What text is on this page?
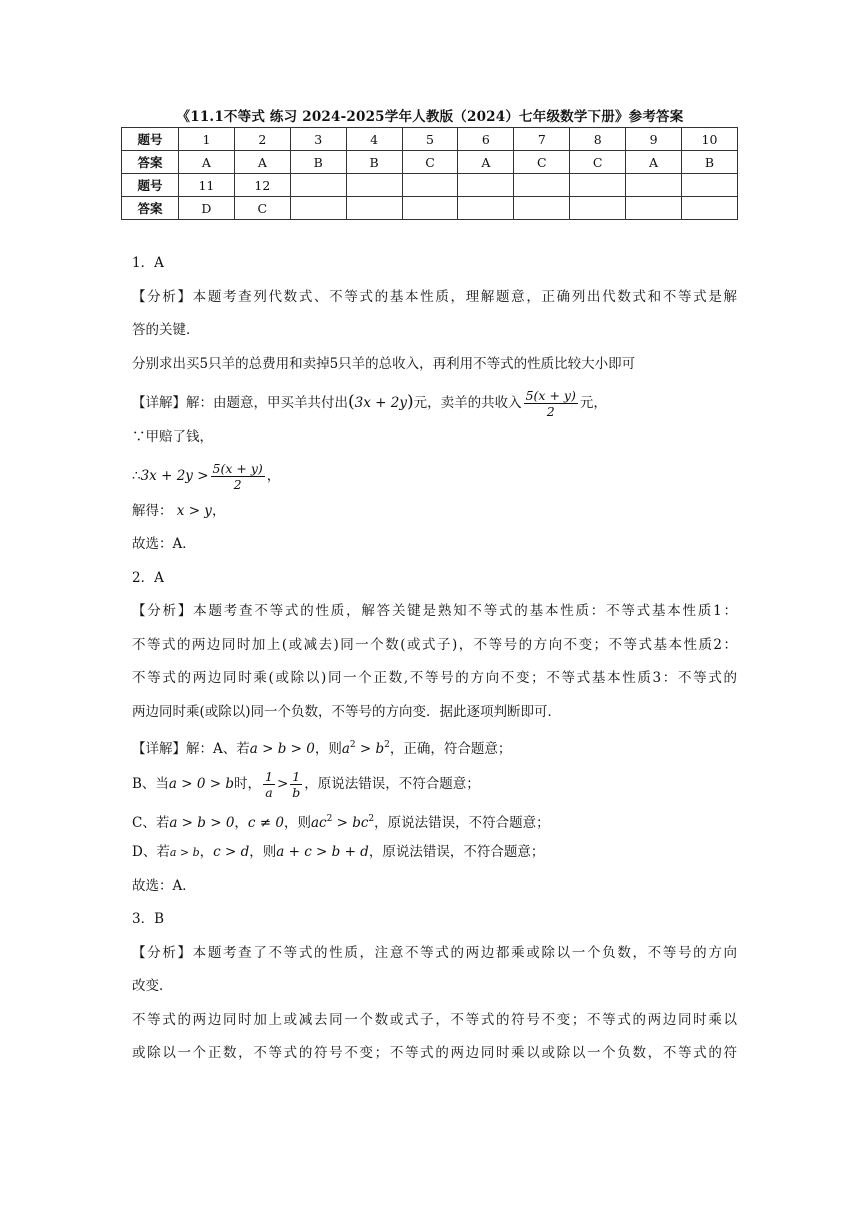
《11.1不等式 练习 2024-2025学年人教版（2024）七年级数学下册》参考答案
题号	1	2	3	4	5	6	7	8	9	10
答案	A	A	B	B	C	A	C	C	A	B
题号	11	12								
答案	D	C								
1．A
【分析】本题考查列代数式、不等式的基本性质，理解题意，正确列出代数式和不等式是解
答的关键．
分别求出买5只羊的总费用和卖掉5只羊的总收入，再利用不等式的性质比较大小即可
【详解】解：由题意，甲买羊共付出(3x + 2y)元，卖羊的共收入 $\frac{5(x + y)}{2}$ 元，
∵甲赔了钱，
∴3x + $2y > \frac{5(x + y)}{2}$ ，
解得： x > y，
故选：A．
2．A
【分析】本题考查不等式的性质，解答关键是熟知不等式的基本性质：不等式基本性质1：
不等式的两边同时加上(或减去)同一个数(或式子)，不等号的方向不变；不等式基本性质2：
不等式的两边同时乘(或除以)同一个正数,不等号的方向不变；不等式基本性质3：不等式的
两边同时乘(或除以)同一个负数，不等号的方向变．据此逐项判断即可．
【详解】解：A、若a > b > 0，则$a^2 > b^2$，正确，符合题意；
B、当a > 0 > b时， $\frac{1}{a} > \frac{1}{b}$ ，原说法错误，不符合题意；
C、若a > b > 0，c ≠ 0，则$ac^2 > bc^2$，原说法错误，不符合题意；
D、若a > b，c > d，则a + c > b + d，原说法错误，不符合题意；
故选：A．
3．B
【分析】本题考查了不等式的性质，注意不等式的两边都乘或除以一个负数，不等号的方向
改变．
不等式的两边同时加上或减去同一个数或式子，不等式的符号不变；不等式的两边同时乘以
或除以一个正数，不等式的符号不变；不等式的两边同时乘以或除以一个负数，不等式的符
